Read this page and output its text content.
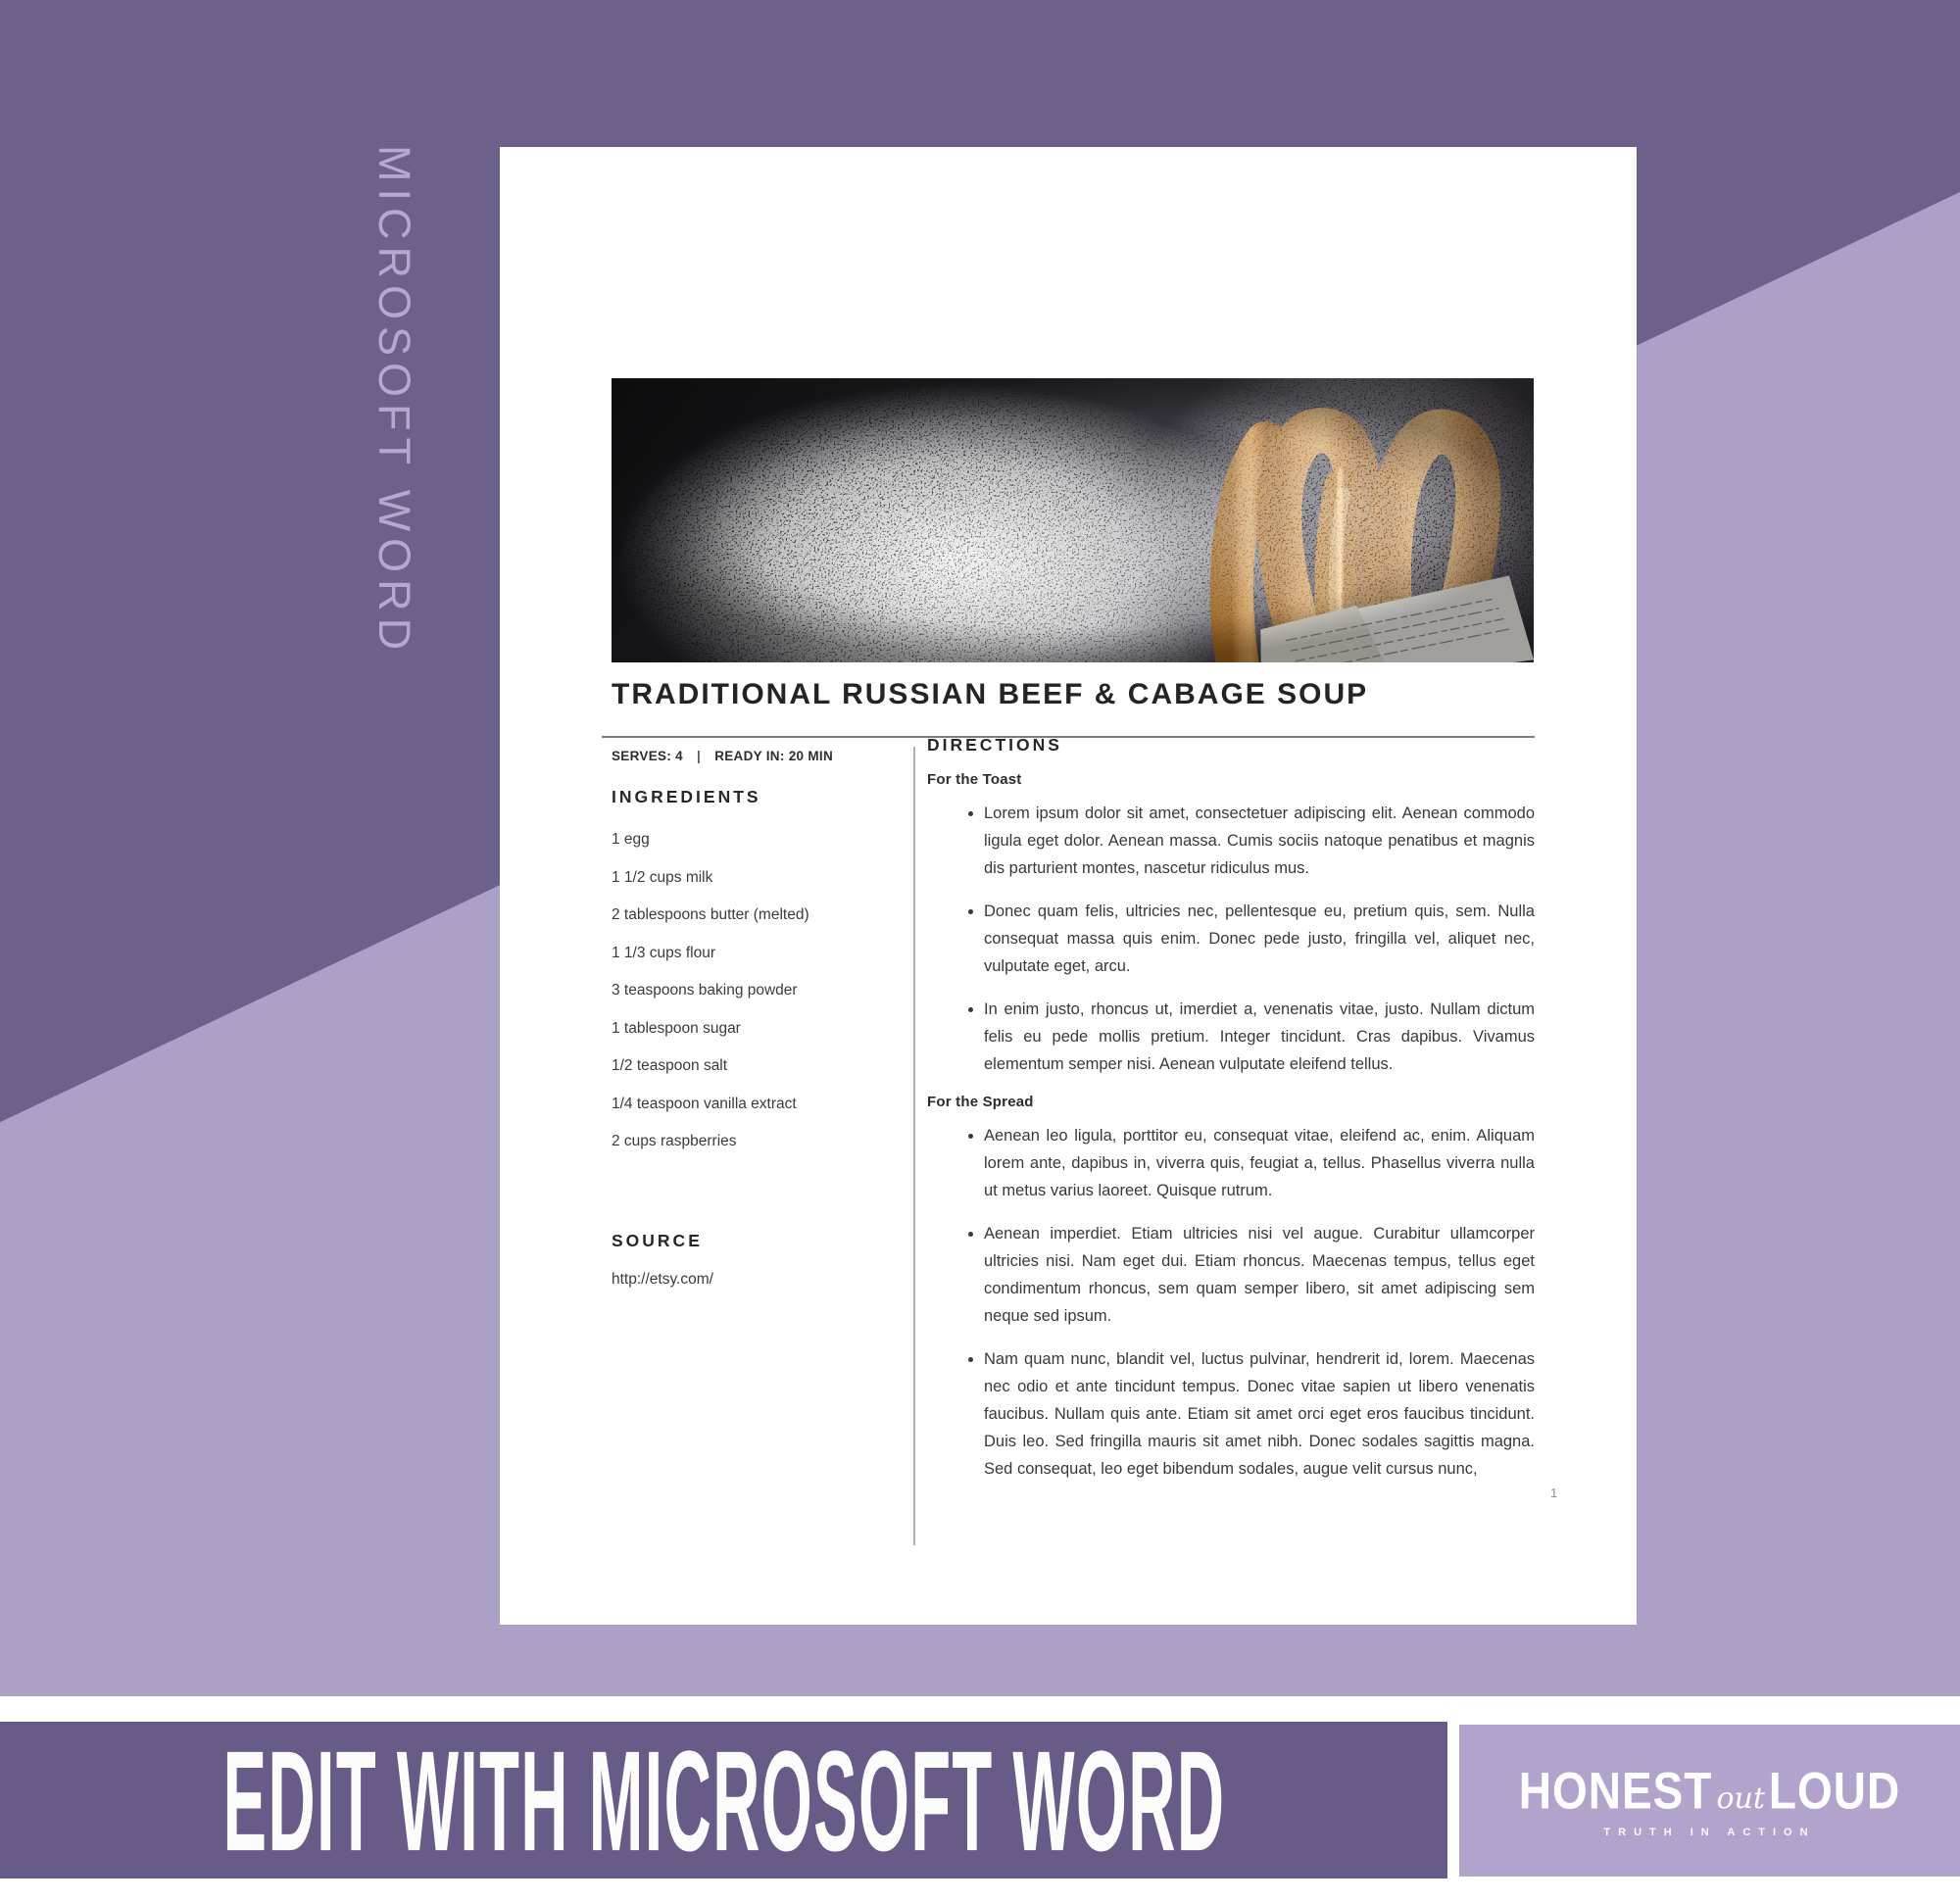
MICROSOFT WORD
TRADITIONAL RUSSIAN BEEF & CABAGE SOUP
SERVES: 4 | READY IN: 20 MIN
INGREDIENTS
1 egg
1 1/2 cups milk
2 tablespoons butter (melted)
1 1/3 cups flour
3 teaspoons baking powder
1 tablespoon sugar
1/2 teaspoon salt
1/4 teaspoon vanilla extract
2 cups raspberries
SOURCE
http://etsy.com/
DIRECTIONS
For the Toast
• Lorem ipsum dolor sit amet, consectetuer adipiscing elit. Aenean commodo ligula eget dolor. Aenean massa. Cumis sociis natoque penatibus et magnis dis parturient montes, nascetur ridiculus mus.
• Donec quam felis, ultricies nec, pellentesque eu, pretium quis, sem. Nulla consequat massa quis enim. Donec pede justo, fringilla vel, aliquet nec, vulputate eget, arcu.
• In enim justo, rhoncus ut, imerdiet a, venenatis vitae, justo. Nullam dictum felis eu pede mollis pretium. Integer tincidunt. Cras dapibus. Vivamus elementum semper nisi. Aenean vulputate eleifend tellus.
For the Spread
• Aenean leo ligula, porttitor eu, consequat vitae, eleifend ac, enim. Aliquam lorem ante, dapibus in, viverra quis, feugiat a, tellus. Phasellus viverra nulla ut metus varius laoreet. Quisque rutrum.
• Aenean imperdiet. Etiam ultricies nisi vel augue. Curabitur ullamcorper ultricies nisi. Nam eget dui. Etiam rhoncus. Maecenas tempus, tellus eget condimentum rhoncus, sem quam semper libero, sit amet adipiscing sem neque sed ipsum.
• Nam quam nunc, blandit vel, luctus pulvinar, hendrerit id, lorem. Maecenas nec odio et ante tincidunt tempus. Donec vitae sapien ut libero venenatis faucibus. Nullam quis ante. Etiam sit amet orci eget eros faucibus tincidunt. Duis leo. Sed fringilla mauris sit amet nibh. Donec sodales sagittis magna. Sed consequat, leo eget bibendum sodales, augue velit cursus nunc,
1
EDIT WITH MICROSOFT WORD	HONEST out LOUD
TRUTH IN ACTION
